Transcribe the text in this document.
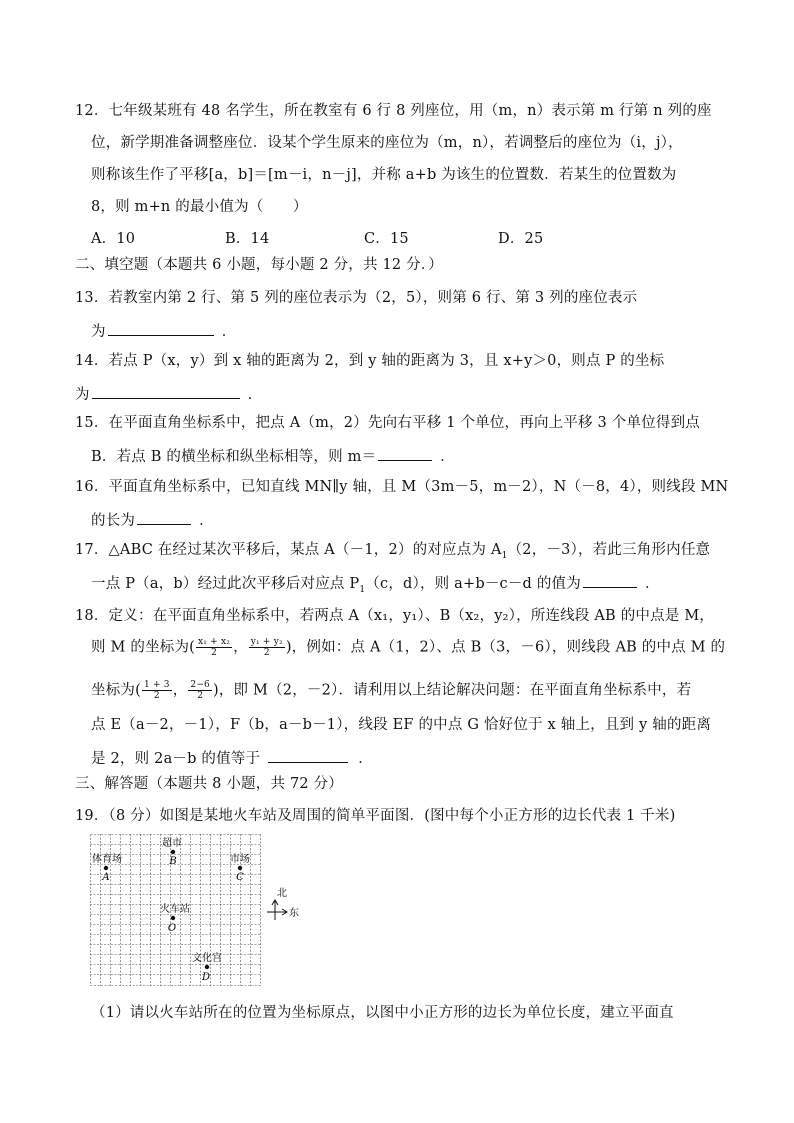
12．七年级某班有 48 名学生，所在教室有 6 行 8 列座位，用（m，n）表示第 m 行第 n 列的座
位，新学期准备调整座位．设某个学生原来的座位为（m，n），若调整后的座位为（i，j），
则称该生作了平移[a，b]＝[m－i，n－j]，并称 a+b 为该生的位置数．若某生的位置数为
8，则 m+n 的最小值为（　　）
A．10	B．14	C．15	D．25
二、填空题（本题共 6 小题，每小题 2 分，共 12 分．）
13．若教室内第 2 行、第 5 列的座位表示为（2，5），则第 6 行、第 3 列的座位表示
为	．
14．若点 P（x，y）到 x 轴的距离为 2，到 y 轴的距离为 3，且 x+y＞0，则点 P 的坐标
为	．
15．在平面直角坐标系中，把点 A（m，2）先向右平移 1 个单位，再向上平移 3 个单位得到点
B．若点 B 的横坐标和纵坐标相等，则 m＝	．
16．平面直角坐标系中，已知直线 MN∥y 轴，且 M（3m－5，m－2），N（－8，4），则线段 MN
的长为	．
17．△ABC 在经过某次平移后，某点 A（－1，2）的对应点为 $A_1(2$，－3），若此三角形内任意
一点 P（a，b）经过此次平移后对应点 $P_1(c$，d），则 a+b－c－d 的值为	．
18．定义：在平面直角坐标系中，若两点 A（x₁，y₁）、B（x₂，y₂），所连线段 AB 的中点是 M，
则 M 的坐标为( $\frac{\text{x₁ + x₂}}{2}$ ， $\frac{\text{y₁ + y₂}}{2}$ )，例如：点 A（1，2）、点 B（3，－6），则线段 AB 的中点 M 的
坐标为( $\frac{1 + 3}{2}$ ， $\frac{2-6}{2}$ )，即 M（2，－2）．请利用以上结论解决问题：在平面直角坐标系中，若
点 E（a－2，－1），F（b，a－b－1），线段 EF 的中点 G 恰好位于 x 轴上，且到 y 轴的距离
是 2，则 2a－b 的值等于	．
三、解答题（本题共 8 小题，共 72 分）
19．（8 分）如图是某地火车站及周围的简单平面图．(图中每个小正方形的边长代表 1 千米)
超市
B
体育场
A
市场
C
火车站
O
文化宫
D
北
东
（1）请以火车站所在的位置为坐标原点，以图中小正方形的边长为单位长度，建立平面直
